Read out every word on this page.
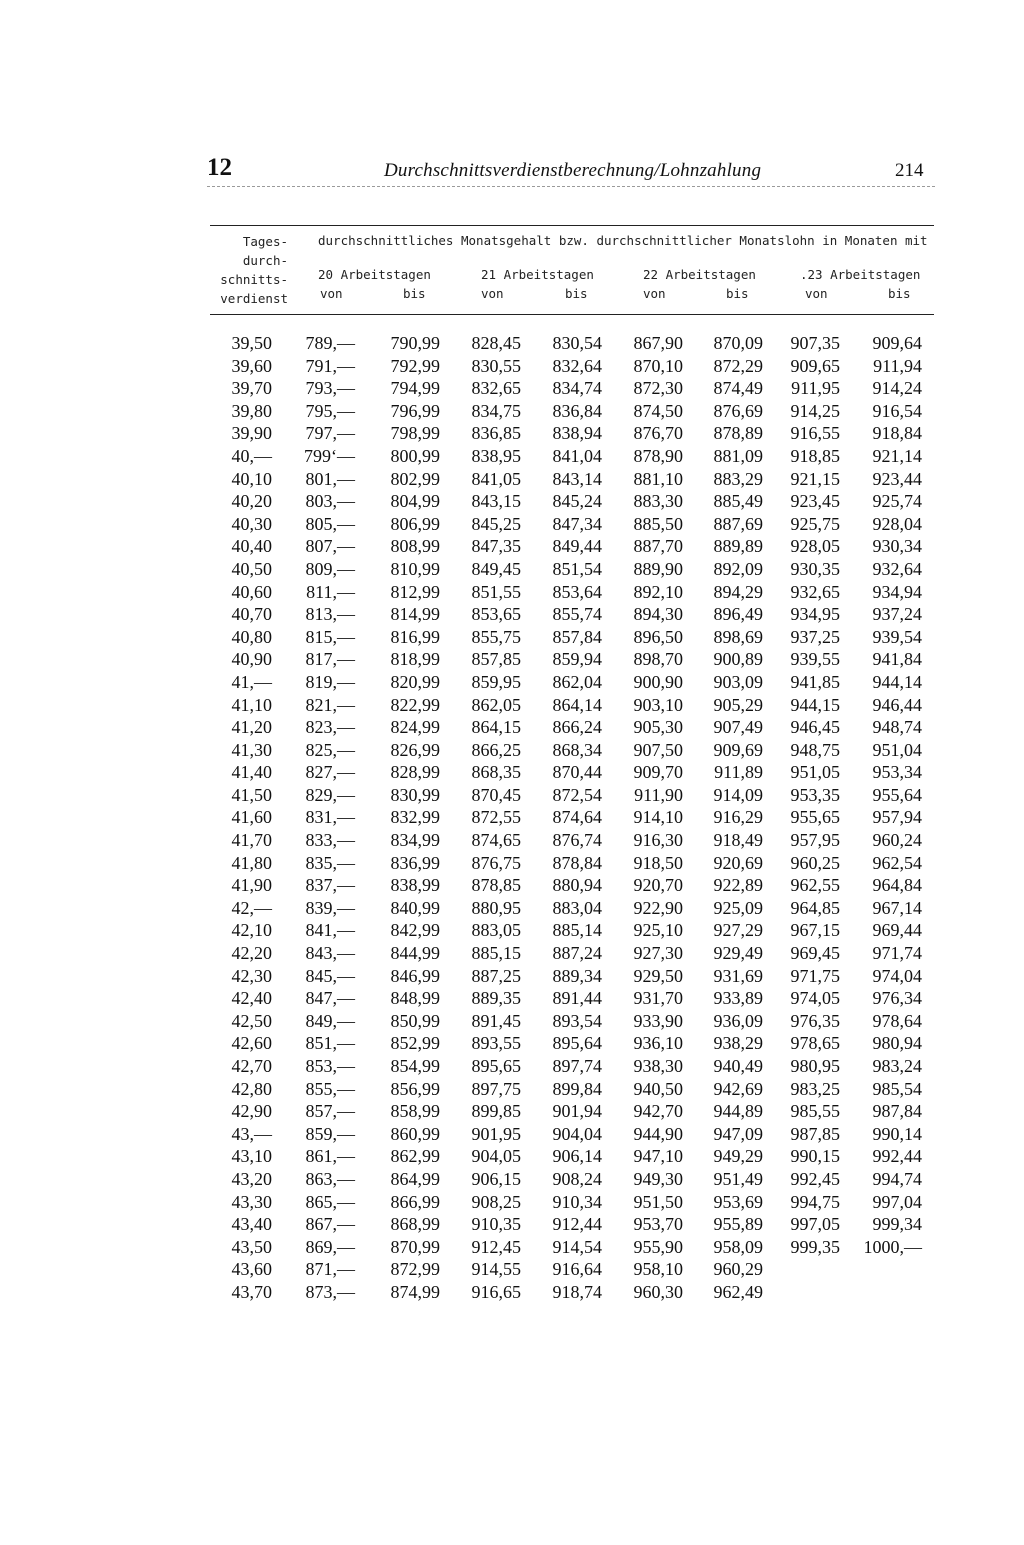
12	Durchschnittsverdienstberechnung/Lohnzahlung	214
Tages-
durch-
schnitts-
verdienst
durchschnittliches Monatsgehalt bzw. durchschnittlicher Monatslohn in Monaten mit
20 Arbeitstagen	21 Arbeitstagen	22 Arbeitstagen	.23 Arbeitstagen
von	bis	von	bis	von	bis	von	bis
39,50 789,— 790,99 828,45 830,54 867,90 870,09 907,35 909,64
39,60 791,— 792,99 830,55 832,64 870,10 872,29 909,65 911,94
39,70 793,— 794,99 832,65 834,74 872,30 874,49 911,95 914,24
39,80 795,— 796,99 834,75 836,84 874,50 876,69 914,25 916,54
39,90 797,— 798,99 836,85 838,94 876,70 878,89 916,55 918,84
40,— 799‘— 800,99 838,95 841,04 878,90 881,09 918,85 921,14
40,10 801,— 802,99 841,05 843,14 881,10 883,29 921,15 923,44
40,20 803,— 804,99 843,15 845,24 883,30 885,49 923,45 925,74
40,30 805,— 806,99 845,25 847,34 885,50 887,69 925,75 928,04
40,40 807,— 808,99 847,35 849,44 887,70 889,89 928,05 930,34
40,50 809,— 810,99 849,45 851,54 889,90 892,09 930,35 932,64
40,60 811,— 812,99 851,55 853,64 892,10 894,29 932,65 934,94
40,70 813,— 814,99 853,65 855,74 894,30 896,49 934,95 937,24
40,80 815,— 816,99 855,75 857,84 896,50 898,69 937,25 939,54
40,90 817,— 818,99 857,85 859,94 898,70 900,89 939,55 941,84
41,— 819,— 820,99 859,95 862,04 900,90 903,09 941,85 944,14
41,10 821,— 822,99 862,05 864,14 903,10 905,29 944,15 946,44
41,20 823,— 824,99 864,15 866,24 905,30 907,49 946,45 948,74
41,30 825,— 826,99 866,25 868,34 907,50 909,69 948,75 951,04
41,40 827,— 828,99 868,35 870,44 909,70 911,89 951,05 953,34
41,50 829,— 830,99 870,45 872,54 911,90 914,09 953,35 955,64
41,60 831,— 832,99 872,55 874,64 914,10 916,29 955,65 957,94
41,70 833,— 834,99 874,65 876,74 916,30 918,49 957,95 960,24
41,80 835,— 836,99 876,75 878,84 918,50 920,69 960,25 962,54
41,90 837,— 838,99 878,85 880,94 920,70 922,89 962,55 964,84
42,— 839,— 840,99 880,95 883,04 922,90 925,09 964,85 967,14
42,10 841,— 842,99 883,05 885,14 925,10 927,29 967,15 969,44
42,20 843,— 844,99 885,15 887,24 927,30 929,49 969,45 971,74
42,30 845,— 846,99 887,25 889,34 929,50 931,69 971,75 974,04
42,40 847,— 848,99 889,35 891,44 931,70 933,89 974,05 976,34
42,50 849,— 850,99 891,45 893,54 933,90 936,09 976,35 978,64
42,60 851,— 852,99 893,55 895,64 936,10 938,29 978,65 980,94
42,70 853,— 854,99 895,65 897,74 938,30 940,49 980,95 983,24
42,80 855,— 856,99 897,75 899,84 940,50 942,69 983,25 985,54
42,90 857,— 858,99 899,85 901,94 942,70 944,89 985,55 987,84
43,— 859,— 860,99 901,95 904,04 944,90 947,09 987,85 990,14
43,10 861,— 862,99 904,05 906,14 947,10 949,29 990,15 992,44
43,20 863,— 864,99 906,15 908,24 949,30 951,49 992,45 994,74
43,30 865,— 866,99 908,25 910,34 951,50 953,69 994,75 997,04
43,40 867,— 868,99 910,35 912,44 953,70 955,89 997,05 999,34
43,50 869,— 870,99 912,45 914,54 955,90 958,09 999,35 1000,—
43,60 871,— 872,99 914,55 916,64 958,10 960,29
43,70 873,— 874,99 916,65 918,74 960,30 962,49
